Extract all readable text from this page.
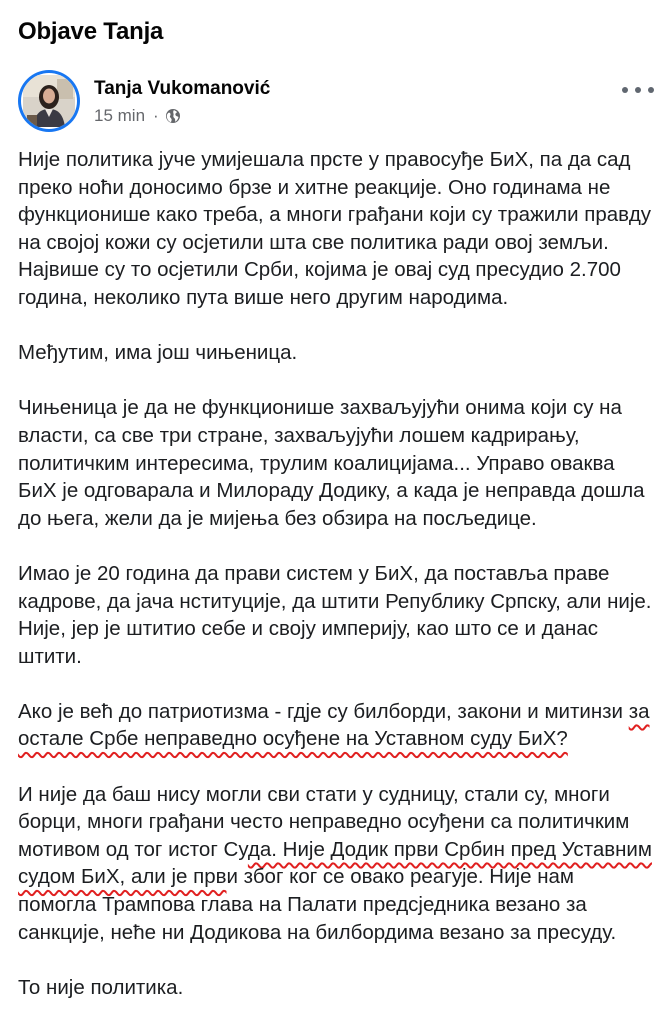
Objave Tanja
Tanja Vukomanović
15 min ·

Није политика јуче умијешала прсте у правосуђе БиХ, па да сад преко ноћи доносимо брзе и хитне реакције. Оно годинама не функционише како треба, а многи грађани који су тражили правду на својој кожи су осјетили шта све политика ради овој земљи. Највише су то осјетили Срби, којима је овај суд пресудио 2.700 година, неколико пута више него другим народима.

Међутим, има још чињеница.

Чињеница је да не функционише захваљујући онима који су на власти, са све три стране, захваљујући лошем кадрирању, политичким интересима, трулим коалицијама... Управо оваква БиХ је одговарала и Милораду Додику, а када је неправда дошла до њега, жели да је мијења без обзира на посљедице.

Имао је 20 година да прави систем у БиХ, да поставља праве кадрове, да јача нституције, да штити Републику Српску, али није. Није, јер је штитио себе и своју империју, као што се и данас штити.

Ако је већ до патриотизма - гдје су билборди, закони и митинзи за остале Србе неправедно осуђене на Уставном суду БиХ?

И није да баш нису могли сви стати у судницу, стали су, многи борци, многи грађани често неправедно осуђени са политичким мотивом од тог истог Суда. Није Додик први Србин пред Уставним судом БиХ, али је први због ког се овако реагује. Није нам помогла Трампова глава на Палати предсједника везано за санкције, неће ни Додикова на билбордима везано за пресуду.

То није политика.
